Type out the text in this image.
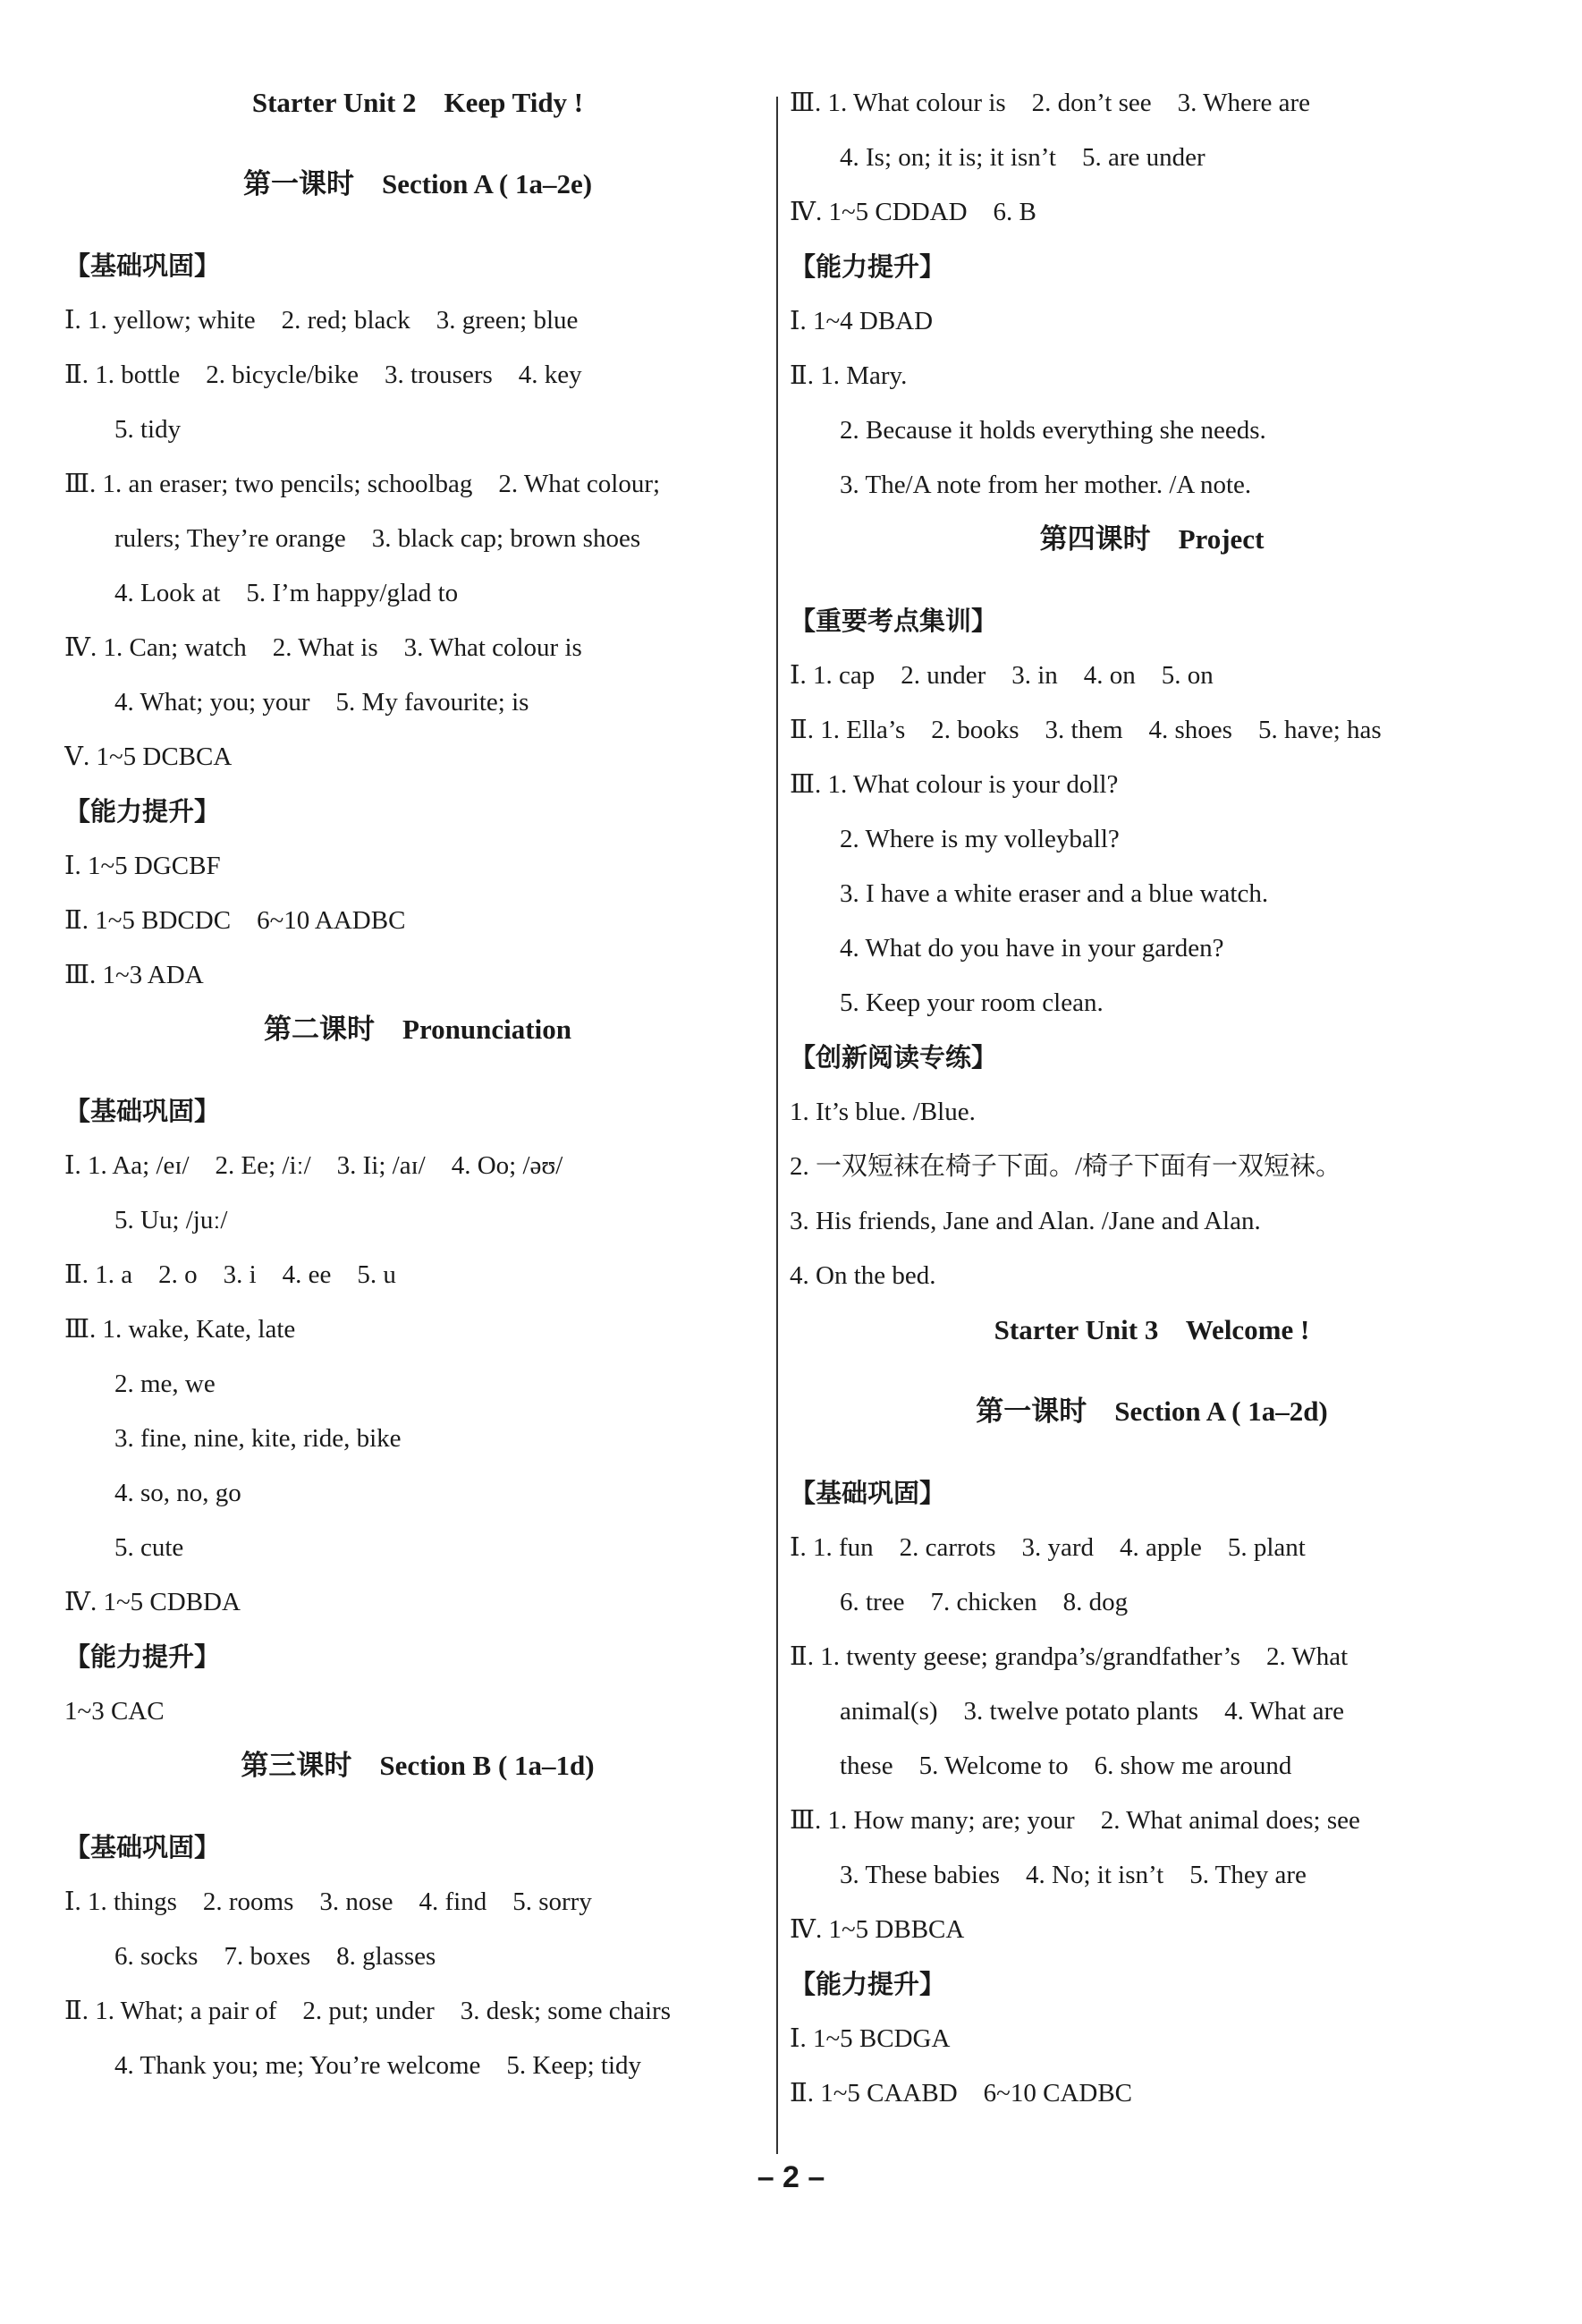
Starter Unit 2    Keep Tidy !
第一课时    Section A ( 1a–2e)
【基础巩固】
Ⅰ. 1. yellow; white    2. red; black    3. green; blue
Ⅱ. 1. bottle    2. bicycle/bike    3. trousers    4. key
5. tidy
Ⅲ. 1. an eraser; two pencils; schoolbag    2. What colour;
rulers; They’re orange    3. black cap; brown shoes
4. Look at    5. I’m happy/glad to
Ⅳ. 1. Can; watch    2. What is    3. What colour is
4. What; you; your    5. My favourite; is
Ⅴ. 1~5 DCBCA
【能力提升】
Ⅰ. 1~5 DGCBF
Ⅱ. 1~5 BDCDC    6~10 AADBC
Ⅲ. 1~3 ADA
第二课时    Pronunciation
【基础巩固】
Ⅰ. 1. Aa; /eɪ/    2. Ee; /iː/    3. Ii; /aɪ/    4. Oo; /əʊ/
5. Uu; /juː/
Ⅱ. 1. a    2. o    3. i    4. ee    5. u
Ⅲ. 1. wake, Kate, late
2. me, we
3. fine, nine, kite, ride, bike
4. so, no, go
5. cute
Ⅳ. 1~5 CDBDA
【能力提升】
1~3 CAC
第三课时    Section B ( 1a–1d)
【基础巩固】
Ⅰ. 1. things    2. rooms    3. nose    4. find    5. sorry
6. socks    7. boxes    8. glasses
Ⅱ. 1. What; a pair of    2. put; under    3. desk; some chairs
4. Thank you; me; You’re welcome    5. Keep; tidy
Ⅲ. 1. What colour is    2. don’t see    3. Where are
4. Is; on; it is; it isn’t    5. are under
Ⅳ. 1~5 CDDAD    6. B
【能力提升】
Ⅰ. 1~4 DBAD
Ⅱ. 1. Mary.
2. Because it holds everything she needs.
3. The/A note from her mother. /A note.
第四课时    Project
【重要考点集训】
Ⅰ. 1. cap    2. under    3. in    4. on    5. on
Ⅱ. 1. Ella’s    2. books    3. them    4. shoes    5. have; has
Ⅲ. 1. What colour is your doll?
2. Where is my volleyball?
3. I have a white eraser and a blue watch.
4. What do you have in your garden?
5. Keep your room clean.
【创新阅读专练】
1. It’s blue. /Blue.
2. 一双短袜在椅子下面。/椅子下面有一双短袜。
3. His friends, Jane and Alan. /Jane and Alan.
4. On the bed.
Starter Unit 3    Welcome !
第一课时    Section A ( 1a–2d)
【基础巩固】
Ⅰ. 1. fun    2. carrots    3. yard    4. apple    5. plant
6. tree    7. chicken    8. dog
Ⅱ. 1. twenty geese; grandpa’s/grandfather’s    2. What
animal(s)    3. twelve potato plants    4. What are
these    5. Welcome to    6. show me around
Ⅲ. 1. How many; are; your    2. What animal does; see
3. These babies    4. No; it isn’t    5. They are
Ⅳ. 1~5 DBBCA
【能力提升】
Ⅰ. 1~5 BCDGA
Ⅱ. 1~5 CAABD    6~10 CADBC
– 2 –
